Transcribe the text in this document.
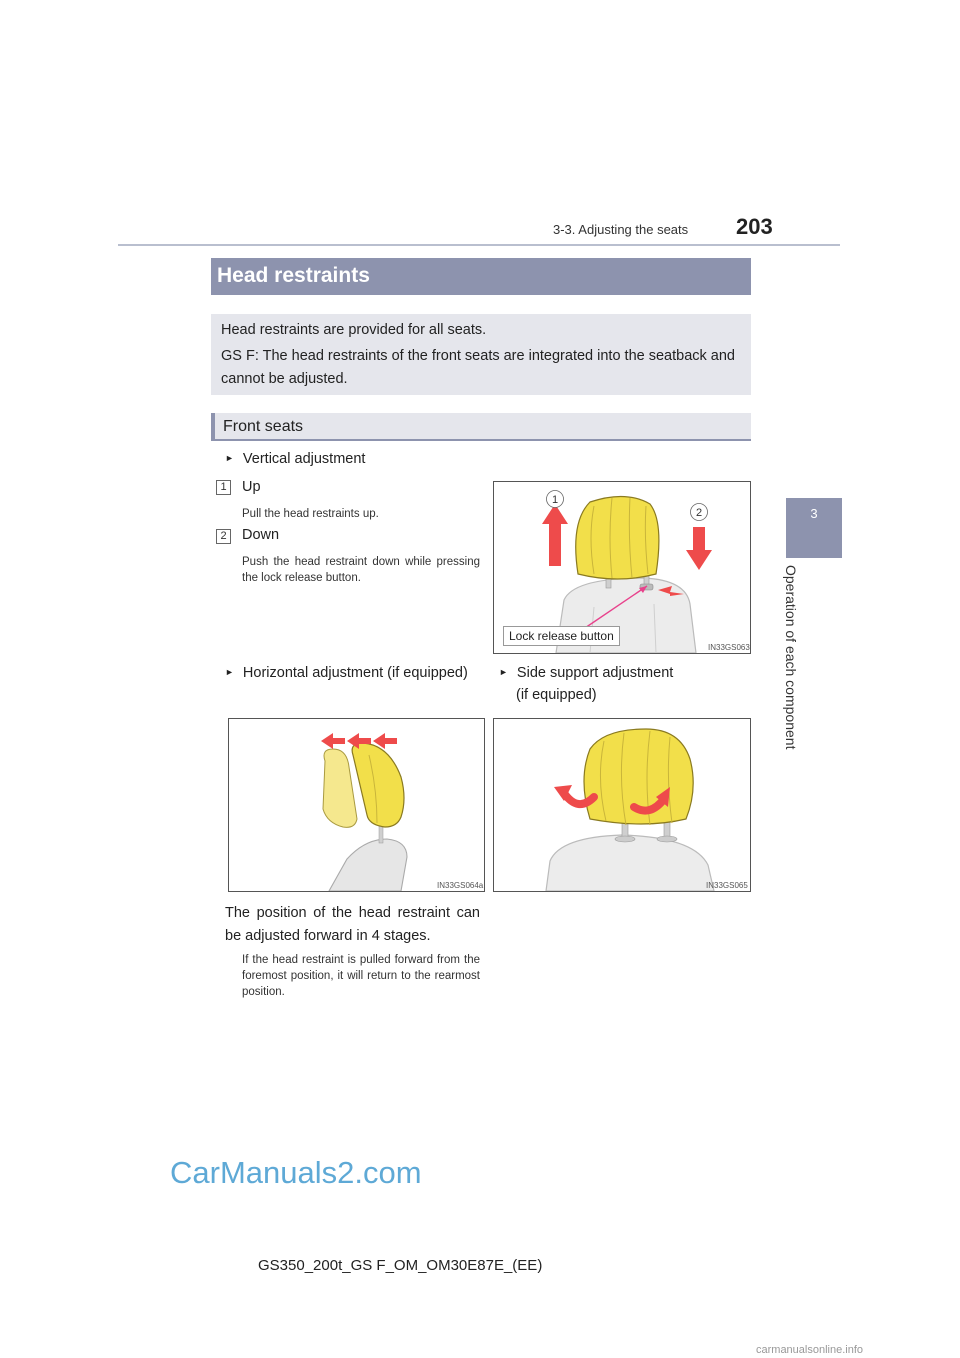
3-3. Adjusting the seats 203
3
Operation of each component
Head restraints

Head restraints are provided for all seats.

GS F: The head restraints of the front seats are integrated into the seatback and cannot be adjusted.

Front seats
► Vertical adjustment
1	Up
Pull the head restraints up.
2	Down
Push the head restraint down while pressing the lock release button.
1
2
Lock release button
IN33GS063
► Horizontal adjustment (if equipped)	► Side support adjustment
(if equipped)
IN33GS064a	IN33GS065
The position of the head restraint can be adjusted forward in 4 stages.
If the head restraint is pulled forward from the foremost position, it will return to the rearmost position.
CarManuals2.com
GS350_200t_GS F_OM_OM30E87E_(EE)
carmanualsonline.info
